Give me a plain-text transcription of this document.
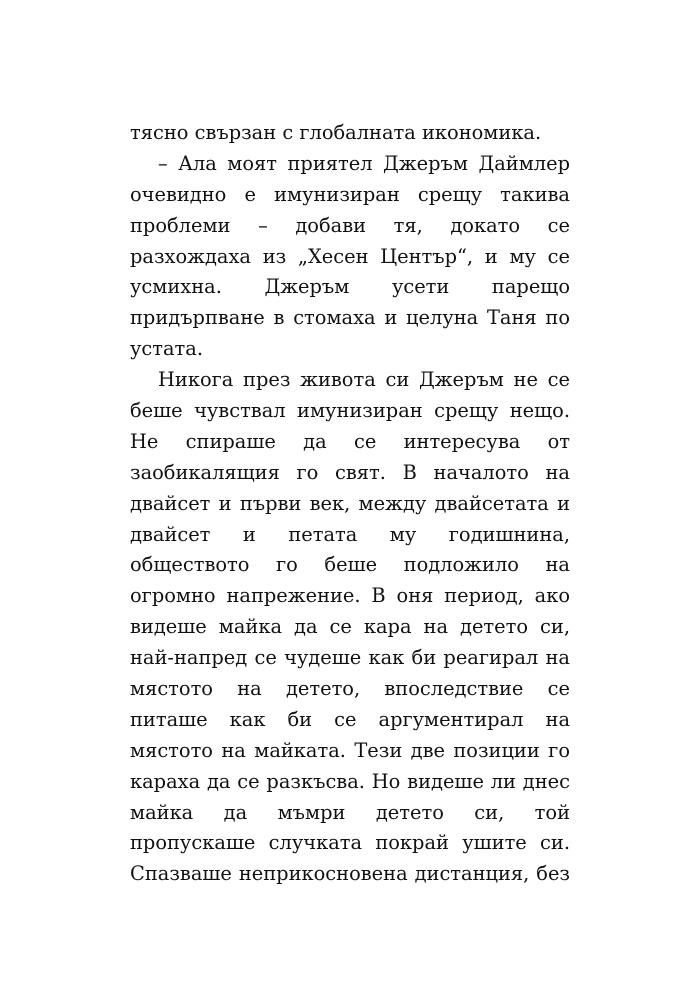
тясно свързан с глобалната икономика.
– Ала моят приятел Джеръм Даймлер
очевидно е имунизиран срещу такива
проблеми – добави тя, докато се
разхождаха из „Хесен Център“, и му се
усмихна. Джеръм усети парещо
придърпване в стомаха и целуна Таня по
устата.
Никога през живота си Джеръм не се
беше чувствал имунизиран срещу нещо.
Не спираше да се интересува от
заобикалящия го свят. В началото на
двайсет и първи век, между двайсетата и
двайсет и петата му годишнина,
обществото го беше подложило на
огромно напрежение. В оня период, ако
видеше майка да се кара на детето си,
най-напред се чудеше как би реагирал на
мястото на детето, впоследствие се
питаше как би се аргументирал на
мястото на майката. Тези две позиции го
караха да се разкъсва. Но видеше ли днес
майка да мъмри детето си, той
пропускаше случката покрай ушите си.
Спазваше неприкосновена дистанция, без
